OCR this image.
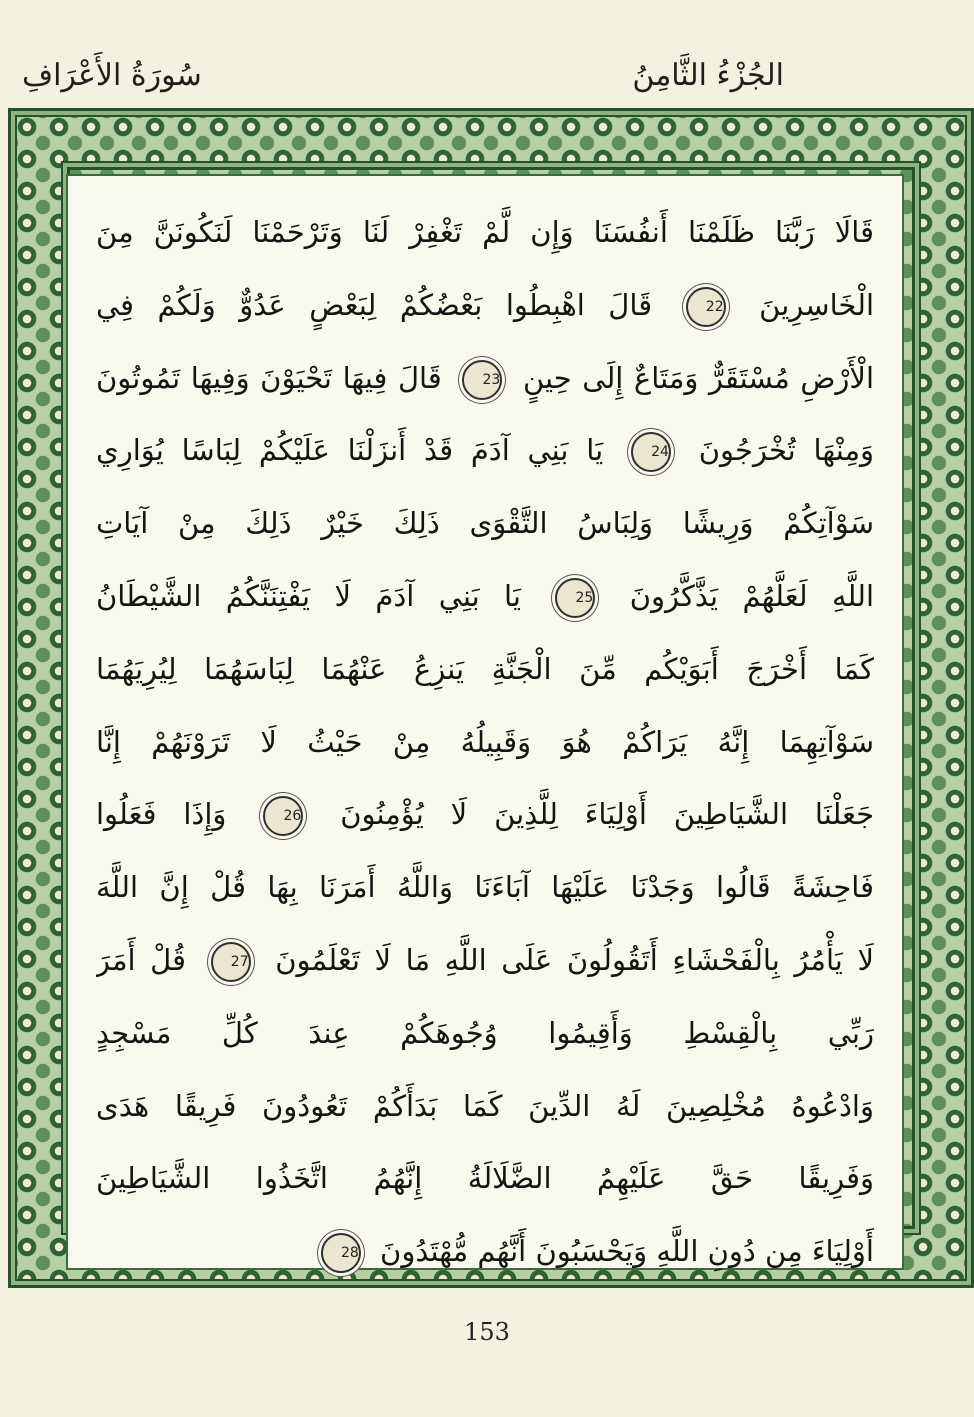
سُورَةُ الأَعْرَافِ	الجُزْءُ الثَّامِنُ
قَالَا رَبَّنَا ظَلَمْنَا أَنفُسَنَا وَإِن لَّمْ تَغْفِرْ لَنَا وَتَرْحَمْنَا لَنَكُونَنَّ مِنَ
الْخَاسِرِينَ 22 قَالَ اهْبِطُوا بَعْضُكُمْ لِبَعْضٍ عَدُوٌّ وَلَكُمْ فِي
الْأَرْضِ مُسْتَقَرٌّ وَمَتَاعٌ إِلَى حِينٍ 23 قَالَ فِيهَا تَحْيَوْنَ وَفِيهَا تَمُوتُونَ
وَمِنْهَا تُخْرَجُونَ 24 يَا بَنِي آدَمَ قَدْ أَنزَلْنَا عَلَيْكُمْ لِبَاسًا يُوَارِي
سَوْآتِكُمْ وَرِيشًا وَلِبَاسُ التَّقْوَى ذَلِكَ خَيْرٌ ذَلِكَ مِنْ آيَاتِ
اللَّهِ لَعَلَّهُمْ يَذَّكَّرُونَ 25 يَا بَنِي آدَمَ لَا يَفْتِنَنَّكُمُ الشَّيْطَانُ
كَمَا أَخْرَجَ أَبَوَيْكُم مِّنَ الْجَنَّةِ يَنزِعُ عَنْهُمَا لِبَاسَهُمَا لِيُرِيَهُمَا
سَوْآتِهِمَا إِنَّهُ يَرَاكُمْ هُوَ وَقَبِيلُهُ مِنْ حَيْثُ لَا تَرَوْنَهُمْ إِنَّا
جَعَلْنَا الشَّيَاطِينَ أَوْلِيَاءَ لِلَّذِينَ لَا يُؤْمِنُونَ 26 وَإِذَا فَعَلُوا
فَاحِشَةً قَالُوا وَجَدْنَا عَلَيْهَا آبَاءَنَا وَاللَّهُ أَمَرَنَا بِهَا قُلْ إِنَّ اللَّهَ
لَا يَأْمُرُ بِالْفَحْشَاءِ أَتَقُولُونَ عَلَى اللَّهِ مَا لَا تَعْلَمُونَ 27 قُلْ أَمَرَ
رَبِّي بِالْقِسْطِ وَأَقِيمُوا وُجُوهَكُمْ عِندَ كُلِّ مَسْجِدٍ
وَادْعُوهُ مُخْلِصِينَ لَهُ الدِّينَ كَمَا بَدَأَكُمْ تَعُودُونَ فَرِيقًا هَدَى
وَفَرِيقًا حَقَّ عَلَيْهِمُ الضَّلَالَةُ إِنَّهُمُ اتَّخَذُوا الشَّيَاطِينَ
أَوْلِيَاءَ مِن دُونِ اللَّهِ وَيَحْسَبُونَ أَنَّهُم مُّهْتَدُونَ 28
153
